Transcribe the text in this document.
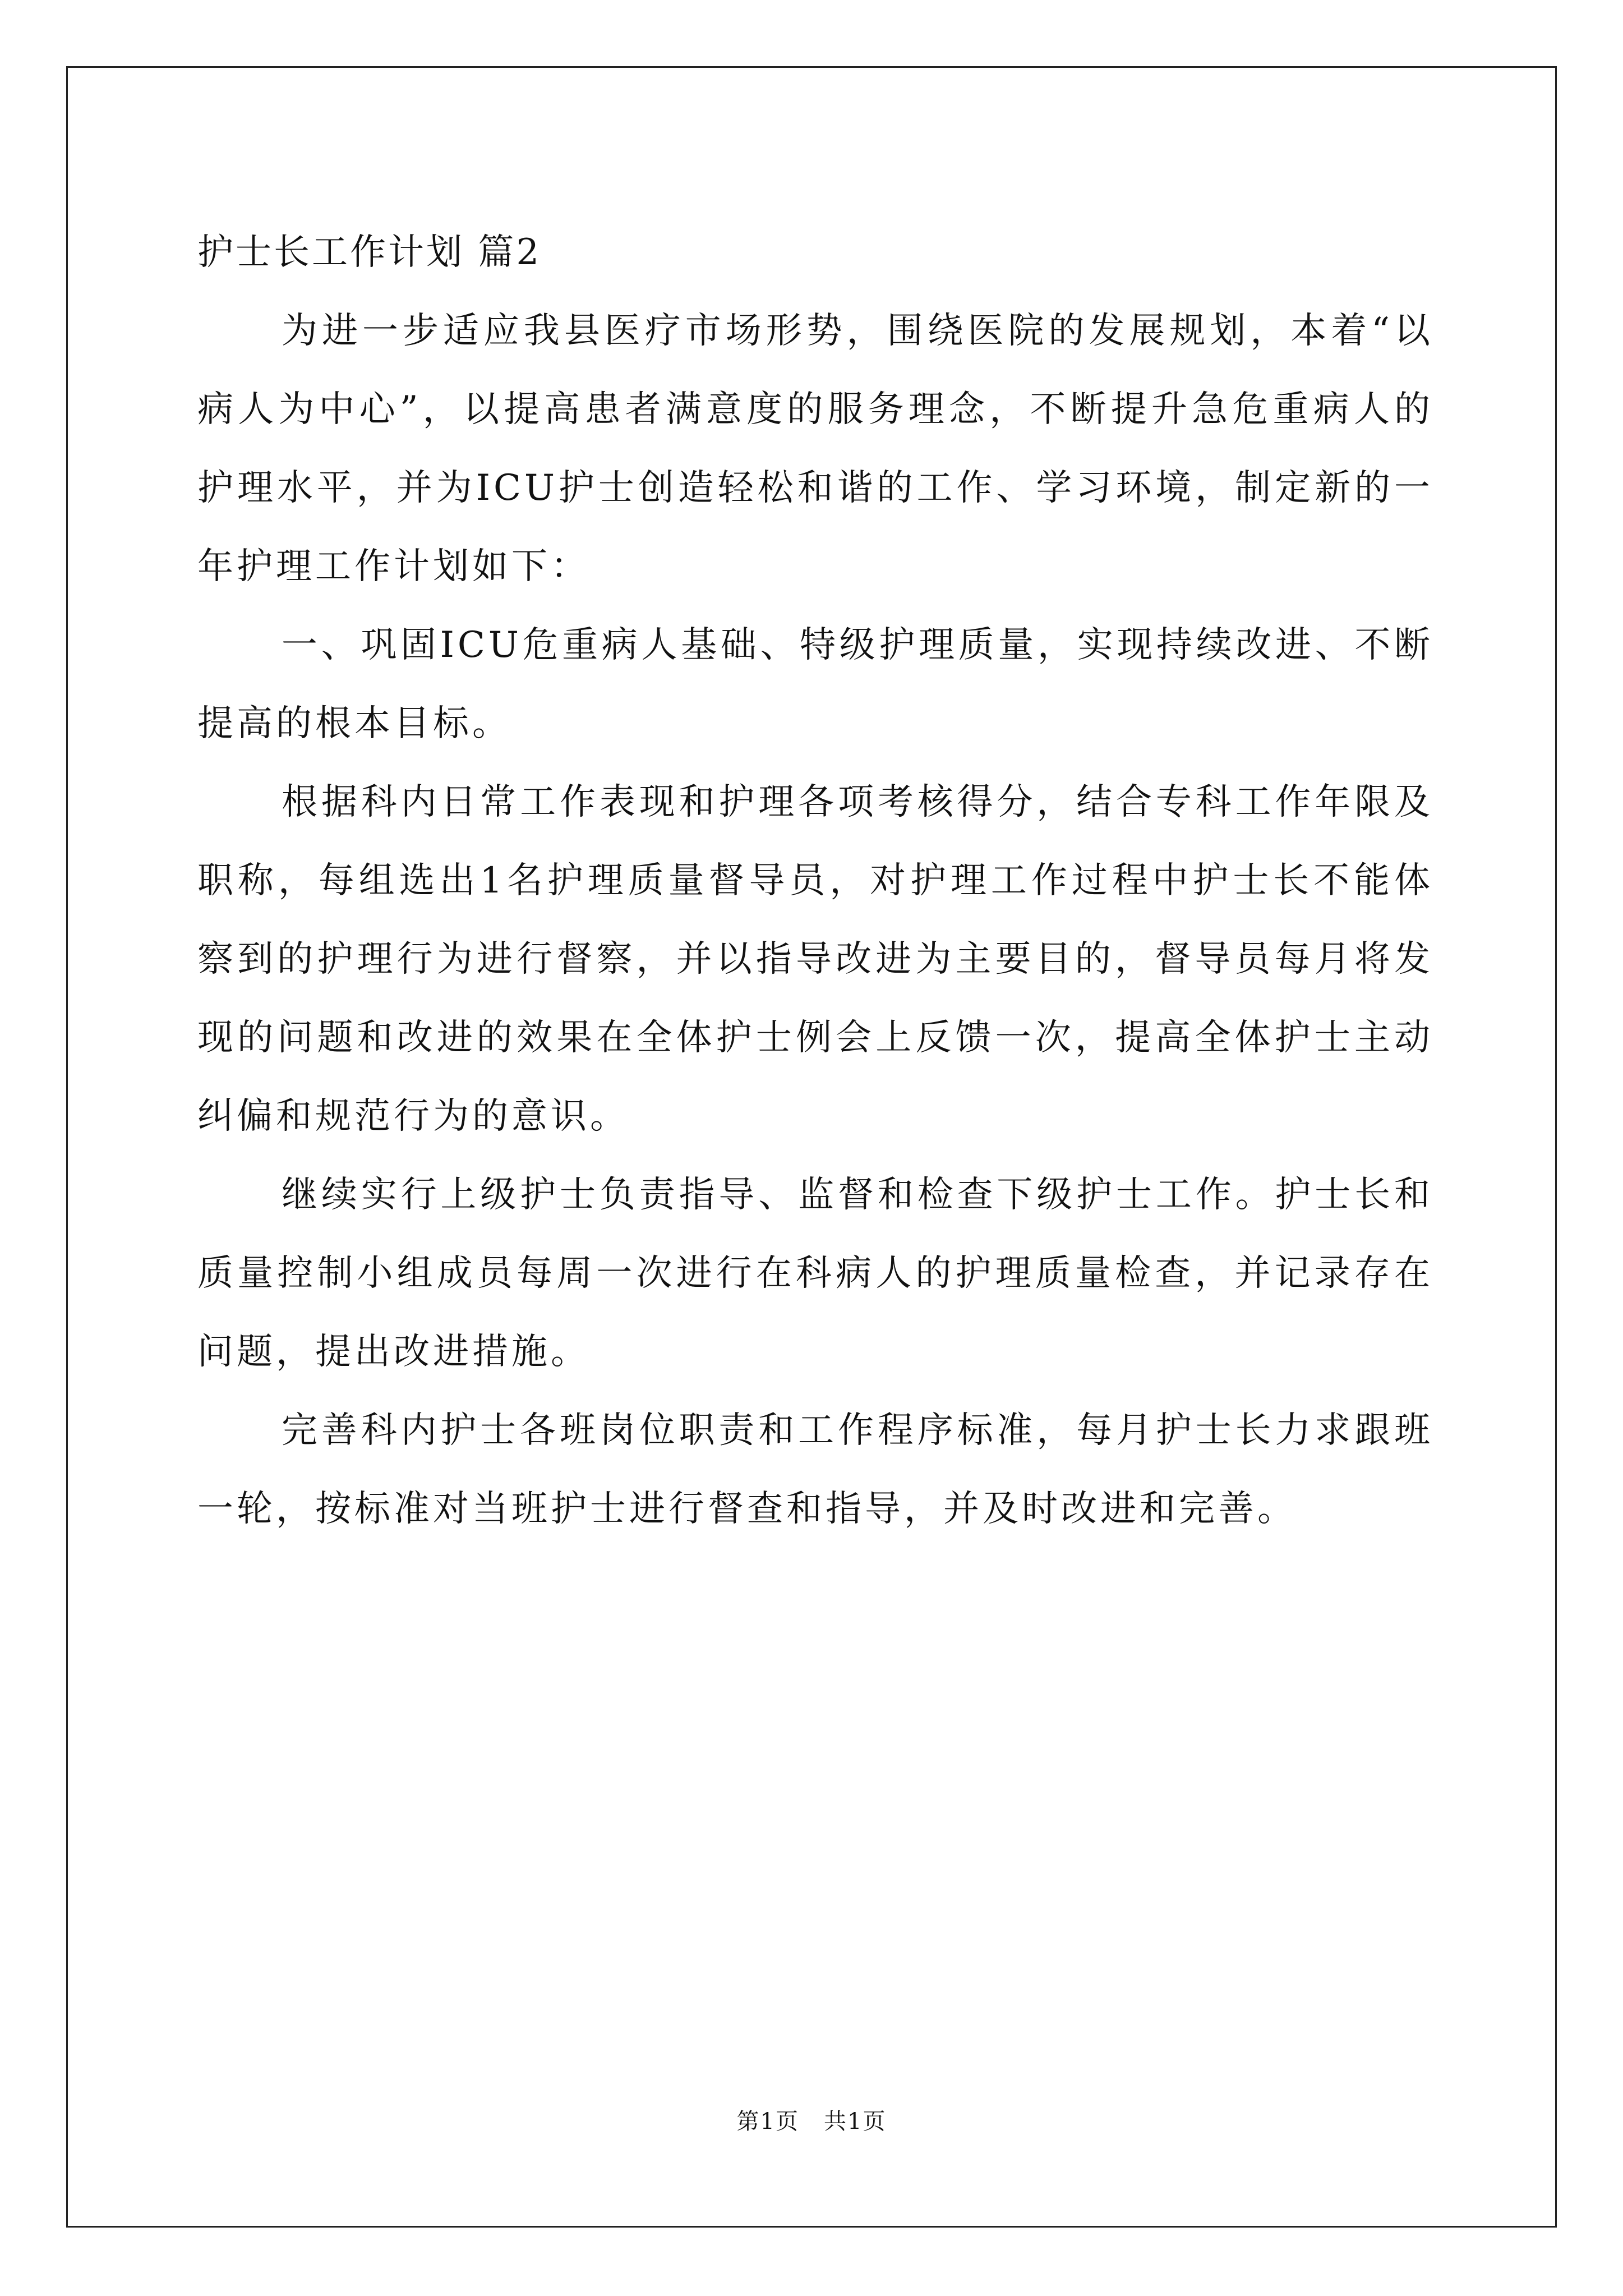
护士长工作计划 篇2

为进一步适应我县医疗市场形势，围绕医院的发展规划，本着“以病人为中心”，以提高患者满意度的服务理念，不断提升急危重病人的护理水平，并为ICU护士创造轻松和谐的工作、学习环境，制定新的一年护理工作计划如下：

一、巩固ICU危重病人基础、特级护理质量，实现持续改进、不断提高的根本目标。

根据科内日常工作表现和护理各项考核得分，结合专科工作年限及职称，每组选出1名护理质量督导员，对护理工作过程中护士长不能体察到的护理行为进行督察，并以指导改进为主要目的，督导员每月将发现的问题和改进的效果在全体护士例会上反馈一次，提高全体护士主动纠偏和规范行为的意识。

继续实行上级护士负责指导、监督和检查下级护士工作。护士长和质量控制小组成员每周一次进行在科病人的护理质量检查，并记录存在问题，提出改进措施。

完善科内护士各班岗位职责和工作程序标准，每月护士长力求跟班一轮，按标准对当班护士进行督查和指导，并及时改进和完善。

第1页 共1页
